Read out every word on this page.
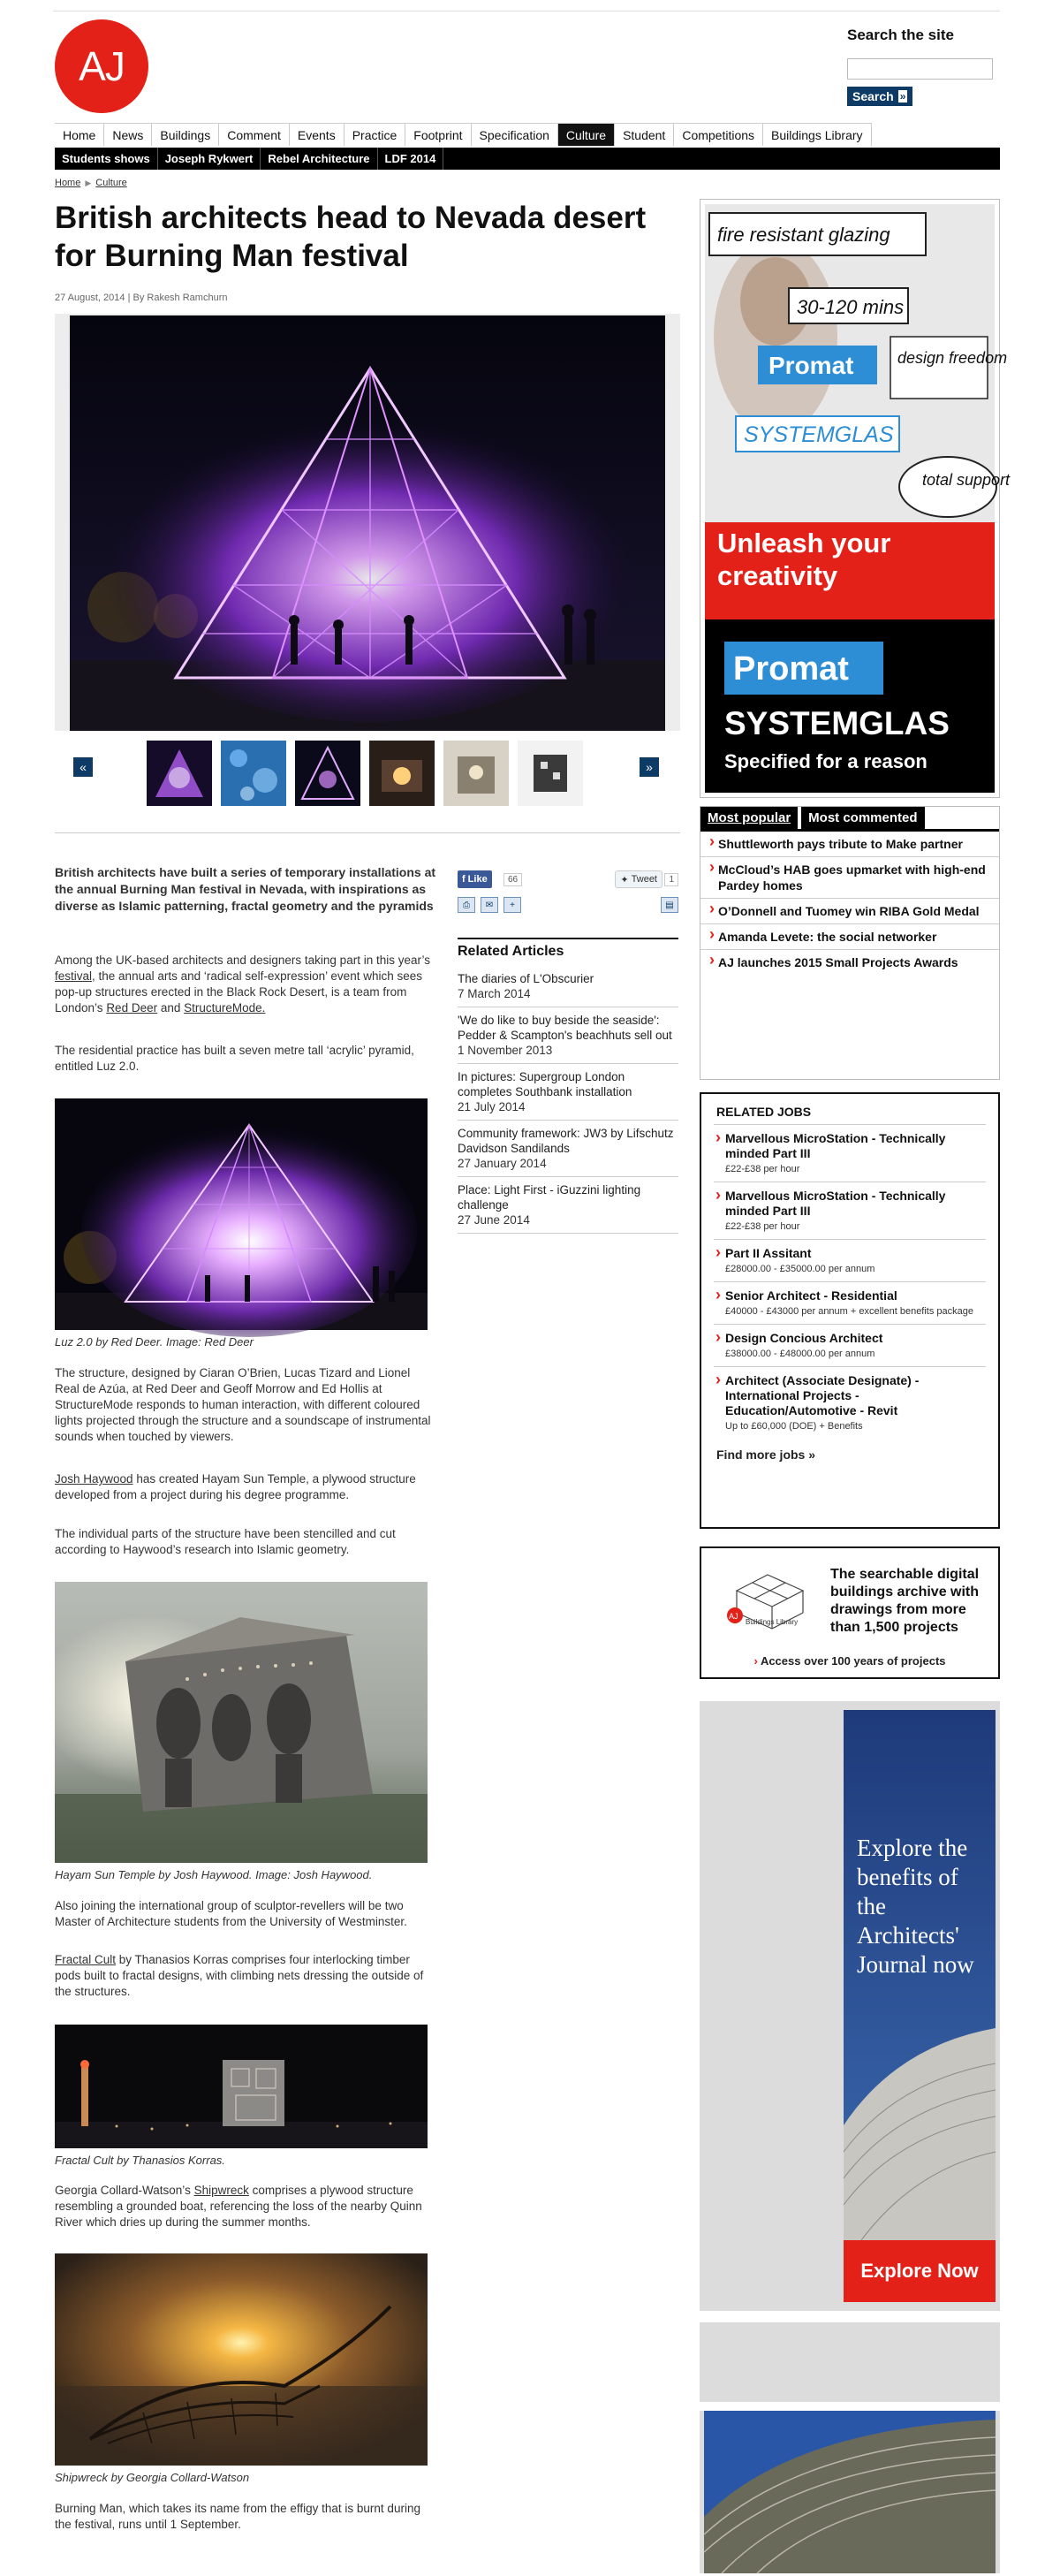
AJ
Search the site
Search »
Home	News	Buildings	Comment	Events	Practice	Footprint	Specification	Culture	Student	Competitions	Buildings Library
Students shows	Joseph Rykwert	Rebel Architecture	LDF 2014
Home ▶ Culture
British architects head to Nevada desert for Burning Man festival
27 August, 2014 | By Rakesh Ramchurn
«	»
British architects have built a series of temporary installations at the annual Burning Man festival in Nevada, with inspirations as diverse as Islamic patterning, fractal geometry and the pyramids
Among the UK-based architects and designers taking part in this year’s festival, the annual arts and ‘radical self-expression’ event which sees pop-up structures erected in the Black Rock Desert, is a team from London’s Red Deer and StructureMode.
The residential practice has built a seven metre tall ‘acrylic’ pyramid, entitled Luz 2.0.
Luz 2.0 by Red Deer. Image: Red Deer
The structure, designed by Ciaran O’Brien, Lucas Tizard and Lionel Real de Azúa, at Red Deer and Geoff Morrow and Ed Hollis at StructureMode responds to human interaction, with different coloured lights projected through the structure and a soundscape of instrumental sounds when touched by viewers.
Josh Haywood has created Hayam Sun Temple, a plywood structure developed from a project during his degree programme.
The individual parts of the structure have been stencilled and cut according to Haywood’s research into Islamic geometry.
Hayam Sun Temple by Josh Haywood. Image: Josh Haywood.
Also joining the international group of sculptor-revellers will be two Master of Architecture students from the University of Westminster.
Fractal Cult by Thanasios Korras comprises four interlocking timber pods built to fractal designs, with climbing nets dressing the outside of the structures.
Fractal Cult by Thanasios Korras.
Georgia Collard-Watson’s Shipwreck comprises a plywood structure resembling a grounded boat, referencing the loss of the nearby Quinn River which dries up during the summer months.
Shipwreck by Georgia Collard-Watson
Burning Man, which takes its name from the effigy that is burnt during the festival, runs until 1 September.
f Like	66	✦ Tweet	1
⎙	✉	+	▤
Related Articles
The diaries of L'Obscurier
7 March 2014
'We do like to buy beside the seaside': Pedder & Scampton's beachhuts sell out
1 November 2013
In pictures: Supergroup London completes Southbank installation
21 July 2014
Community framework: JW3 by Lifschutz Davidson Sandilands
27 January 2014
Place: Light First - iGuzzini lighting challenge
27 June 2014
fire resistant glazing
30-120 mins
Promat	design freedom
SYSTEMGLAS
total support
Unleash your creativity
Promat
SYSTEMGLAS
Specified for a reason
Most popular	Most commented
› Shuttleworth pays tribute to Make partner
› McCloud’s HAB goes upmarket with high-end Pardey homes
› O’Donnell and Tuomey win RIBA Gold Medal
› Amanda Levete: the social networker
› AJ launches 2015 Small Projects Awards
RELATED JOBS
› Marvellous MicroStation - Technically minded Part III
£22-£38 per hour
› Marvellous MicroStation - Technically minded Part III
£22-£38 per hour
› Part II Assitant
£28000.00 - £35000.00 per annum
› Senior Architect - Residential
£40000 - £43000 per annum + excellent benefits package
› Design Concious Architect
£38000.00 - £48000.00 per annum
› Architect (Associate Designate) - International Projects - Education/Automotive - Revit
Up to £60,000 (DOE) + Benefits
Find more jobs »
AJ
Buildings Library
The searchable digital buildings archive with drawings from more than 1,500 projects
› Access over 100 years of projects
Explore the benefits of the Architects' Journal now
Explore Now
